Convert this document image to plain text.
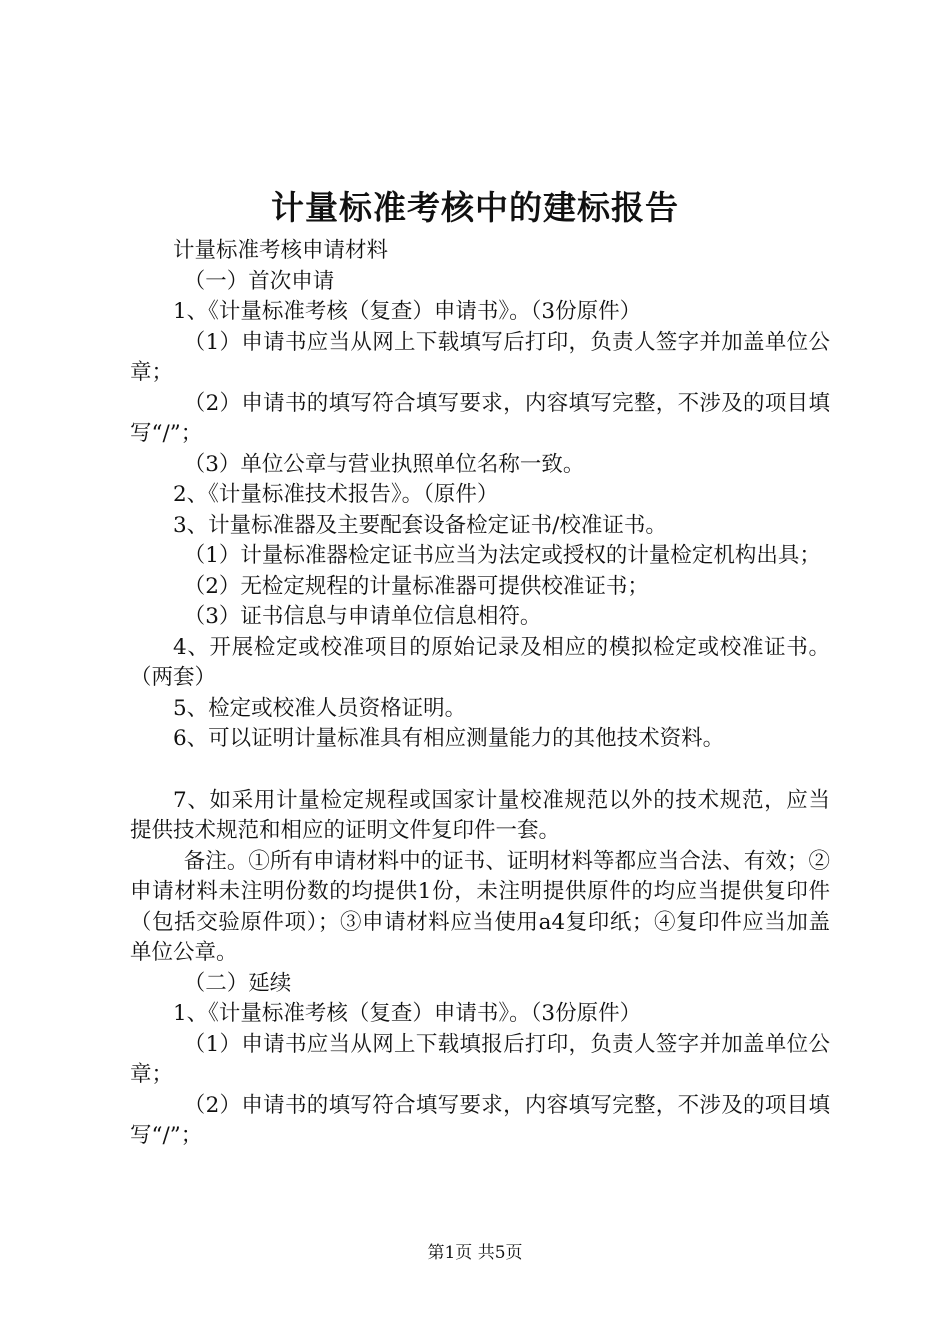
计量标准考核中的建标报告

计量标准考核申请材料

（一）首次申请

1、《计量标准考核（复查）申请书》。（3份原件）

（1）申请书应当从网上下载填写后打印，负责人签字并加盖单位公章；

（2）申请书的填写符合填写要求，内容填写完整，不涉及的项目填写“/”；

（3）单位公章与营业执照单位名称一致。

2、《计量标准技术报告》。（原件）

3、计量标准器及主要配套设备检定证书/校准证书。

（1）计量标准器检定证书应当为法定或授权的计量检定机构出具；

（2）无检定规程的计量标准器可提供校准证书；

（3）证书信息与申请单位信息相符。

4、开展检定或校准项目的原始记录及相应的模拟检定或校准证书。（两套）

5、检定或校准人员资格证明。

6、可以证明计量标准具有相应测量能力的其他技术资料。

7、如采用计量检定规程或国家计量校准规范以外的技术规范，应当提供技术规范和相应的证明文件复印件一套。

备注。①所有申请材料中的证书、证明材料等都应当合法、有效；②申请材料未注明份数的均提供1份，未注明提供原件的均应当提供复印件（包括交验原件项）；③申请材料应当使用a4复印纸；④复印件应当加盖单位公章。

（二）延续

1、《计量标准考核（复查）申请书》。（3份原件）

（1）申请书应当从网上下载填报后打印，负责人签字并加盖单位公章；

（2）申请书的填写符合填写要求，内容填写完整，不涉及的项目填写“/”；

第1页 共5页
